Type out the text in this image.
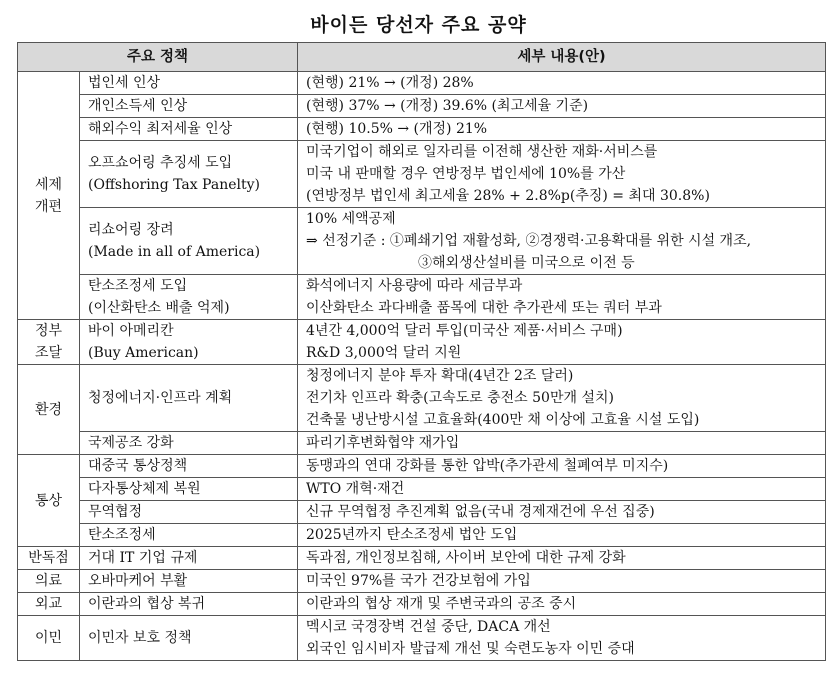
바이든 당선자 주요 공약
주요 정책		세부 내용(안)

세제
개편	법인세 인상	(현행) 21% → (개정) 28%

	개인소득세 인상	(현행) 37% → (개정) 39.6% (최고세율 기준)

	해외수익 최저세율 인상	(현행) 10.5% → (개정) 21%

	오프쇼어링 추징세 도입
(Offshoring Tax Panelty)	미국기업이 해외로 일자리를 이전해 생산한 재화·서비스를
미국 내 판매할 경우 연방정부 법인세에 10%를 가산
(연방정부 법인세 최고세율 28% + 2.8%p(추징) = 최대 30.8%)

	리쇼어링 장려
(Made in all of America)	10% 세액공제
⇒ 선정기준 : ①폐쇄기업 재활성화, ②경쟁력·고용확대를 위한 시설 개조,
③해외생산설비를 미국으로 이전 등

	탄소조정세 도입
(이산화탄소 배출 억제)	화석에너지 사용량에 따라 세금부과
이산화탄소 과다배출 품목에 대한 추가관세 또는 쿼터 부과

정부
조달	바이 아메리칸
(Buy American)	4년간 4,000억 달러 투입(미국산 제품·서비스 구매)
R&D 3,000억 달러 지원

환경	청정에너지·인프라 계획	청정에너지 분야 투자 확대(4년간 2조 달러)
전기차 인프라 확충(고속도로 충전소 50만개 설치)
건축물 냉난방시설 고효율화(400만 채 이상에 고효율 시설 도입)

	국제공조 강화	파리기후변화협약 재가입

통상	대중국 통상정책	동맹과의 연대 강화를 통한 압박(추가관세 철폐여부 미지수)

	다자통상체제 복원	WTO 개혁·재건

	무역협정	신규 무역협정 추진계획 없음(국내 경제재건에 우선 집중)

	탄소조정세	2025년까지 탄소조정세 법안 도입

반독점	거대 IT 기업 규제	독과점, 개인정보침해, 사이버 보안에 대한 규제 강화

의료	오바마케어 부활	미국인 97%를 국가 건강보험에 가입

외교	이란과의 협상 복귀	이란과의 협상 재개 및 주변국과의 공조 중시

이민	이민자 보호 정책	멕시코 국경장벽 건설 중단, DACA 개선
외국인 임시비자 발급제 개선 및 숙련도농자 이민 증대
